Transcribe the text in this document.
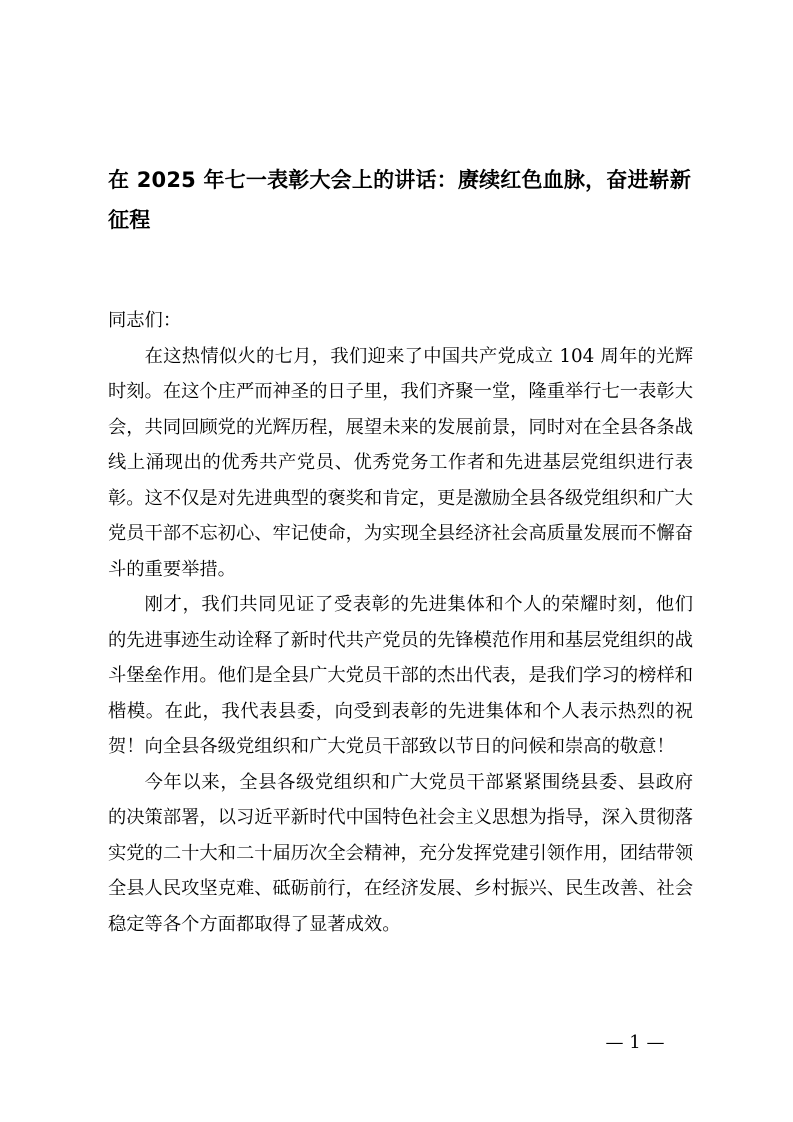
在 2025 年七一表彰大会上的讲话：赓续红色血脉，奋进崭新征程

同志们：

在这热情似火的七月，我们迎来了中国共产党成立 104 周年的光辉时刻。在这个庄严而神圣的日子里，我们齐聚一堂，隆重举行七一表彰大会，共同回顾党的光辉历程，展望未来的发展前景，同时对在全县各条战线上涌现出的优秀共产党员、优秀党务工作者和先进基层党组织进行表彰。这不仅是对先进典型的褒奖和肯定，更是激励全县各级党组织和广大党员干部不忘初心、牢记使命，为实现全县经济社会高质量发展而不懈奋斗的重要举措。

刚才，我们共同见证了受表彰的先进集体和个人的荣耀时刻，他们的先进事迹生动诠释了新时代共产党员的先锋模范作用和基层党组织的战斗堡垒作用。他们是全县广大党员干部的杰出代表，是我们学习的榜样和楷模。在此，我代表县委，向受到表彰的先进集体和个人表示热烈的祝贺！向全县各级党组织和广大党员干部致以节日的问候和崇高的敬意！

今年以来，全县各级党组织和广大党员干部紧紧围绕县委、县政府的决策部署，以习近平新时代中国特色社会主义思想为指导，深入贯彻落实党的二十大和二十届历次全会精神，充分发挥党建引领作用，团结带领全县人民攻坚克难、砥砺前行，在经济发展、乡村振兴、民生改善、社会稳定等各个方面都取得了显著成效。

— 1 —
